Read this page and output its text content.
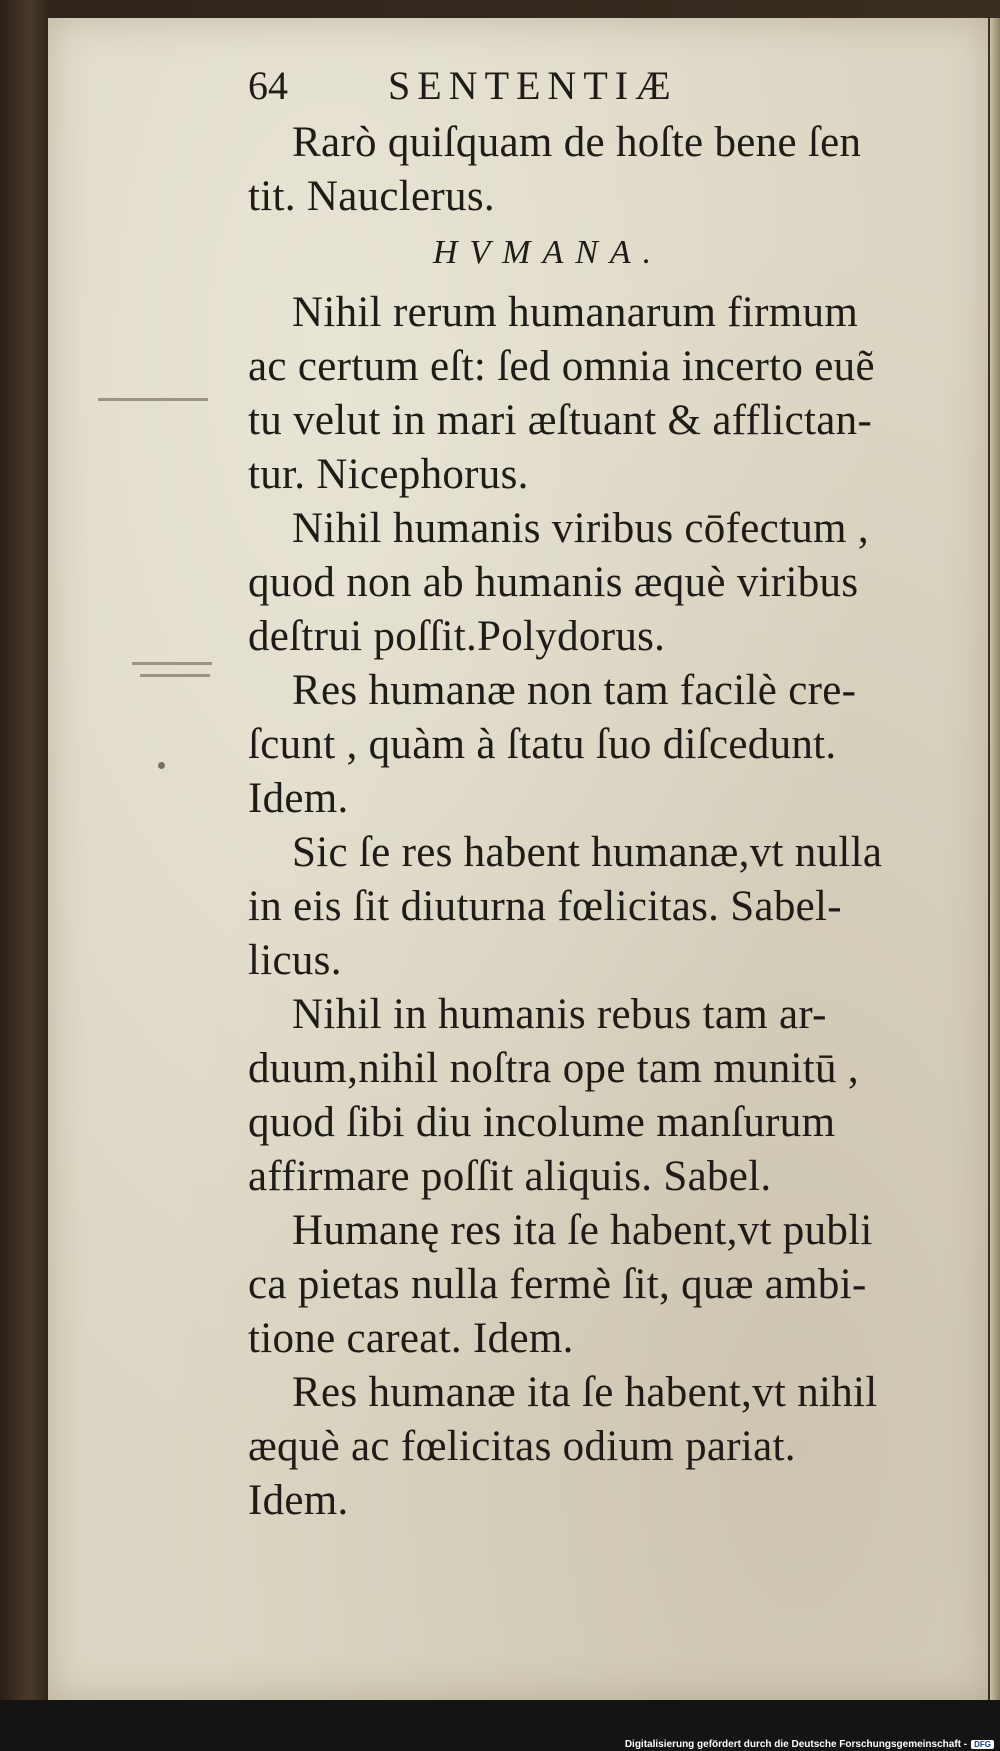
64	SENTENTIÆ
Rarò quiſquam de hoſte bene ſen
tit. Nauclerus.
HVMANA.
Nihil rerum humanarum firmum
ac certum eſt: ſed omnia incerto euẽ
tu velut in mari æſtuant & afflictan-
tur. Nicephorus.
Nihil humanis viribus cōfectum ,
quod non ab humanis æquè viribus
deſtrui poſſit.Polydorus.
Res humanæ non tam facilè cre-
ſcunt , quàm à ſtatu ſuo diſcedunt.
Idem.
Sic ſe res habent humanæ,vt nulla
in eis ſit diuturna fœlicitas. Sabel-
licus.
Nihil in humanis rebus tam ar-
duum,nihil noſtra ope tam munitū ,
quod ſibi diu incolume manſurum
affirmare poſſit aliquis. Sabel.
Humanę res ita ſe habent,vt publi
ca pietas nulla fermè ſit, quæ ambi-
tione careat. Idem.
Res humanæ ita ſe habent,vt nihil
æquè ac fœlicitas odium pariat.
Idem.
Digitalisierung gefördert durch die Deutsche Forschungsgemeinschaft - DFG
